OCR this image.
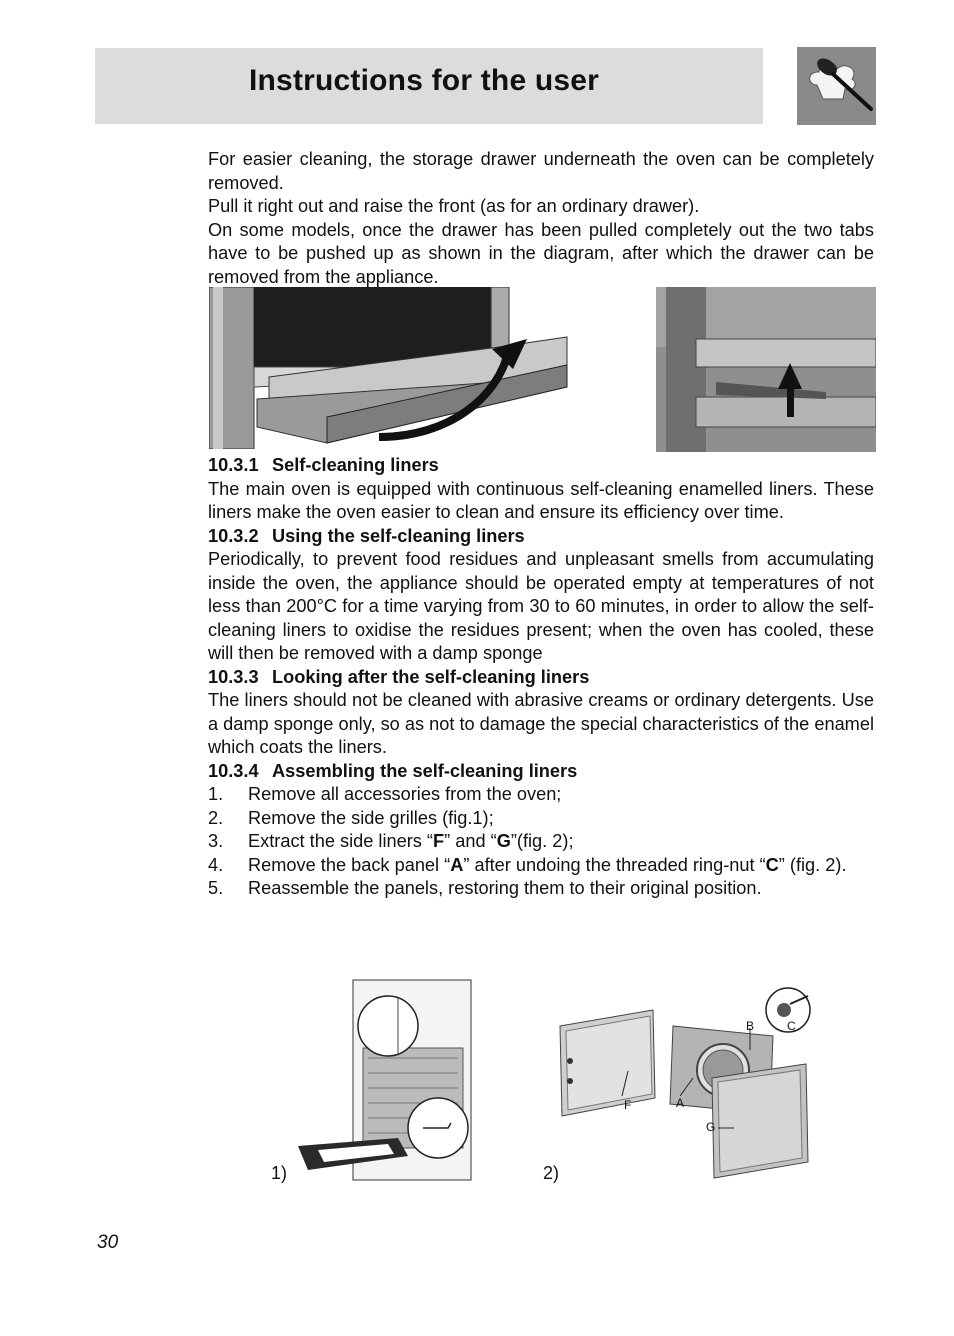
Instructions for the user

For easier cleaning, the storage drawer underneath the oven can be completely removed.

Pull it right out and raise the front (as for an ordinary drawer).

On some models, once the drawer has been pulled completely out the two tabs have to be pushed up as shown in the diagram, after which the drawer can be removed from the appliance.

10.3.1 Self-cleaning liners

The main oven is equipped with continuous self-cleaning enamelled liners. These liners make the oven easier to clean and ensure its efficiency over time.

10.3.2 Using the self-cleaning liners

Periodically, to prevent food residues and unpleasant smells from accumulating inside the oven, the appliance should be operated empty at temperatures of not less than 200°C for a time varying from 30 to 60 minutes, in order to allow the self-cleaning liners to oxidise the residues present; when the oven has cooled, these will then be removed with a damp sponge

10.3.3 Looking after the self-cleaning liners

The liners should not be cleaned with abrasive creams or ordinary detergents. Use a damp sponge only, so as not to damage the special characteristics of the enamel which coats the liners.

10.3.4 Assembling the self-cleaning liners

1. Remove all accessories from the oven;

2. Remove the side grilles (fig.1);

3. Extract the side liners “F” and “G”(fig. 2);

4. Remove the back panel “A” after undoing the threaded ring-nut “C” (fig. 2).

5. Reassemble the panels, restoring them to their original position.

1)
B	C
A
F
G
2)
30
